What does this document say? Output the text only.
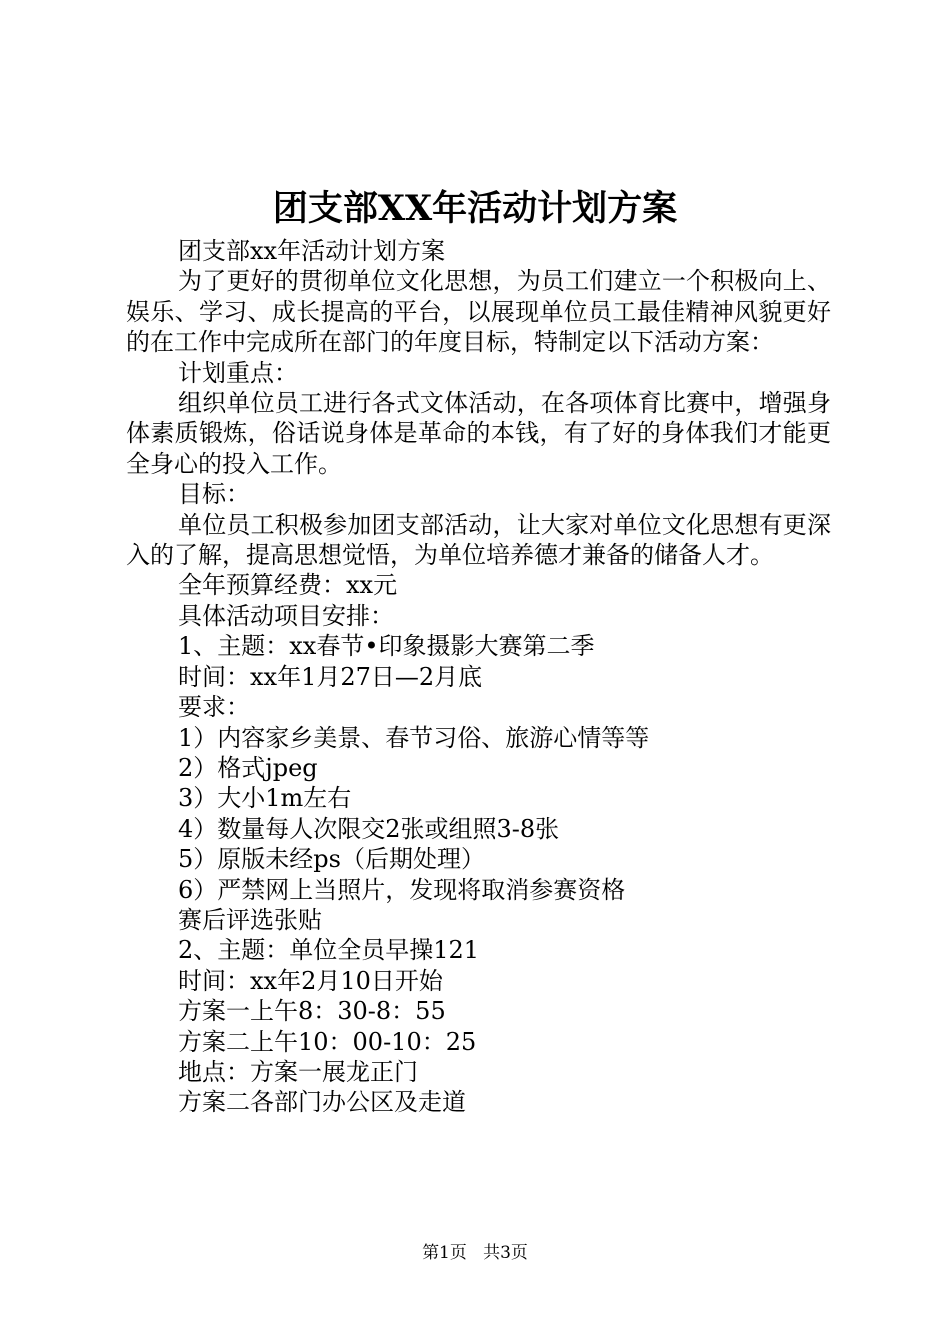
团支部XX年活动计划方案

团支部xx年活动计划方案

为了更好的贯彻单位文化思想，为员工们建立一个积极向上、娱乐、学习、成长提高的平台，以展现单位员工最佳精神风貌更好的在工作中完成所在部门的年度目标，特制定以下活动方案：

计划重点：

组织单位员工进行各式文体活动，在各项体育比赛中，增强身体素质锻炼，俗话说身体是革命的本钱，有了好的身体我们才能更全身心的投入工作。

目标：

单位员工积极参加团支部活动，让大家对单位文化思想有更深入的了解，提高思想觉悟，为单位培养德才兼备的储备人才。

全年预算经费：xx元

具体活动项目安排：

1、主题：xx春节•印象摄影大赛第二季

时间：xx年1月27日—2月底

要求：

1）内容家乡美景、春节习俗、旅游心情等等

2）格式jpeg

3）大小1m左右

4）数量每人次限交2张或组照3-8张

5）原版未经ps（后期处理）

6）严禁网上当照片，发现将取消参赛资格

赛后评选张贴

2、主题：单位全员早操121

时间：xx年2月10日开始

方案一上午8：30-8：55

方案二上午10：00-10：25

地点：方案一展龙正门

方案二各部门办公区及走道

第1页 共3页
